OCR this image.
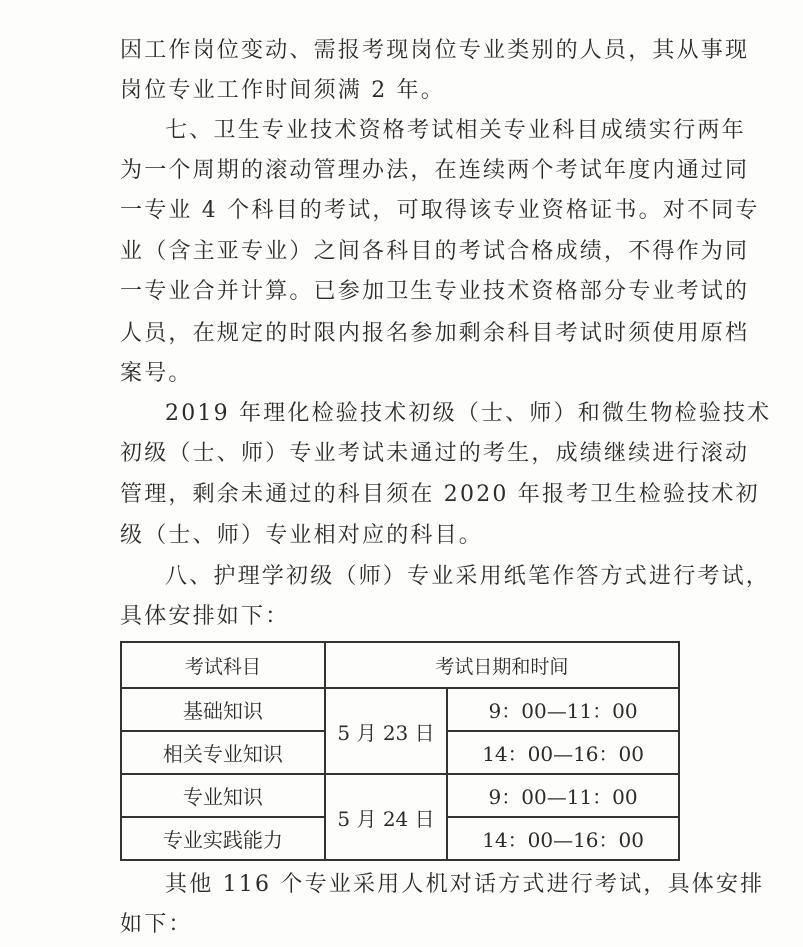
因工作岗位变动、需报考现岗位专业类别的人员，其从事现
岗位专业工作时间须满 2 年。
七、卫生专业技术资格考试相关专业科目成绩实行两年
为一个周期的滚动管理办法，在连续两个考试年度内通过同
一专业 4 个科目的考试，可取得该专业资格证书。对不同专
业（含主亚专业）之间各科目的考试合格成绩，不得作为同
一专业合并计算。已参加卫生专业技术资格部分专业考试的
人员，在规定的时限内报名参加剩余科目考试时须使用原档
案号。
2019 年理化检验技术初级（士、师）和微生物检验技术
初级（士、师）专业考试未通过的考生，成绩继续进行滚动
管理，剩余未通过的科目须在 2020 年报考卫生检验技术初
级（士、师）专业相对应的科目。
八、护理学初级（师）专业采用纸笔作答方式进行考试，
具体安排如下：
考试科目	考试日期和时间	
基础知识	5 月 23 日	9：00—11：00
相关专业知识		14：00—16：00
专业知识	5 月 24 日	9：00—11：00
专业实践能力		14：00—16：00
其他 116 个专业采用人机对话方式进行考试，具体安排
如下：
